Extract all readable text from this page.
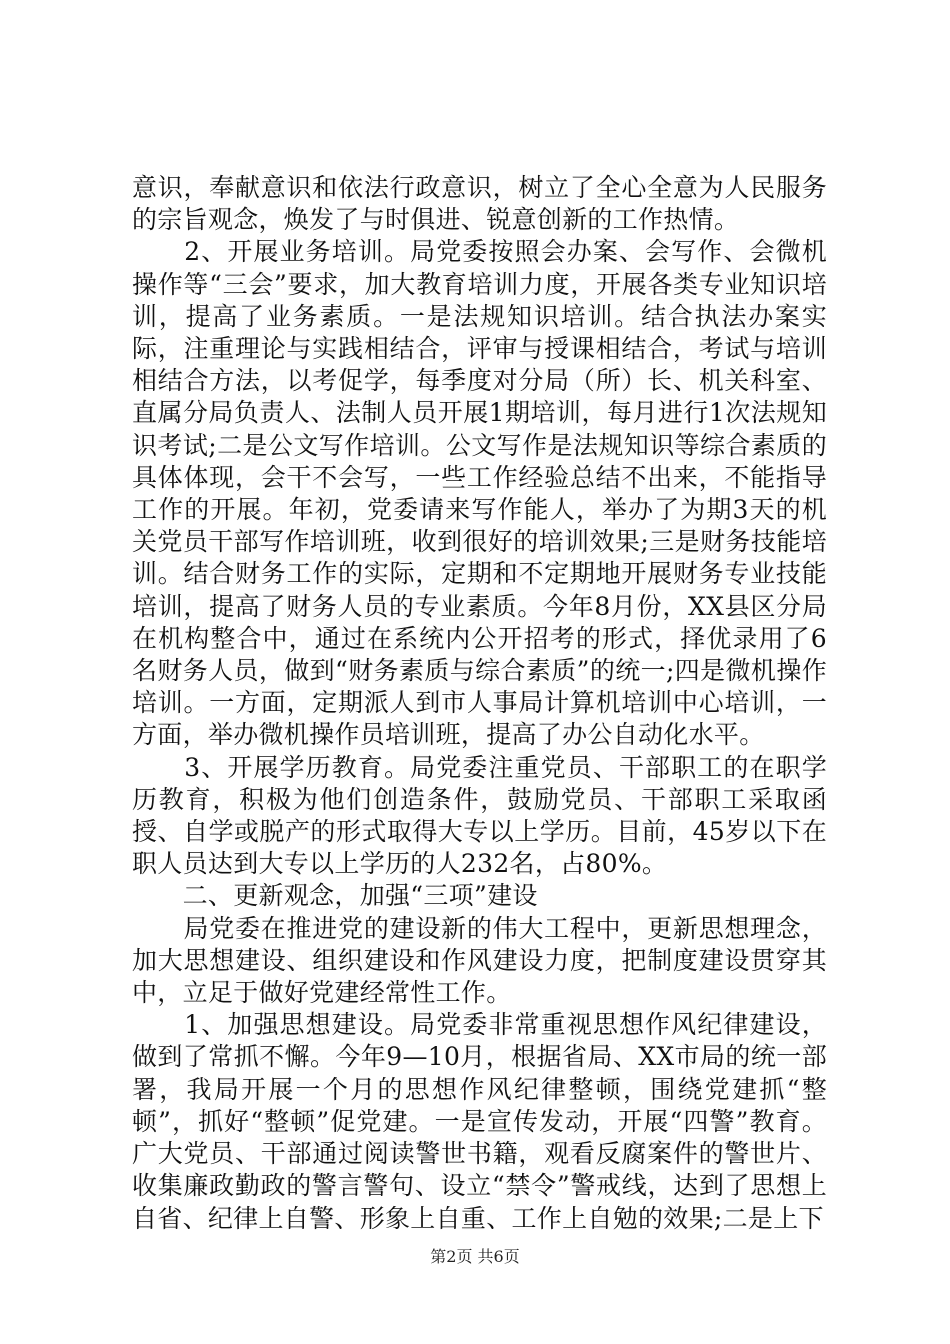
意识，奉献意识和依法行政意识，树立了全心全意为人民服务的宗旨观念，焕发了与时俱进、锐意创新的工作热情。

　　2、开展业务培训。局党委按照会办案、会写作、会微机操作等“三会”要求，加大教育培训力度，开展各类专业知识培训，提高了业务素质。一是法规知识培训。结合执法办案实际，注重理论与实践相结合，评审与授课相结合，考试与培训相结合方法，以考促学，每季度对分局（所）长、机关科室、直属分局负责人、法制人员开展1期培训，每月进行1次法规知识考试;二是公文写作培训。公文写作是法规知识等综合素质的具体体现，会干不会写，一些工作经验总结不出来，不能指导工作的开展。年初，党委请来写作能人，举办了为期3天的机关党员干部写作培训班，收到很好的培训效果;三是财务技能培训。结合财务工作的实际，定期和不定期地开展财务专业技能培训，提高了财务人员的专业素质。今年8月份，XX县区分局在机构整合中，通过在系统内公开招考的形式，择优录用了6名财务人员，做到“财务素质与综合素质”的统一;四是微机操作培训。一方面，定期派人到市人事局计算机培训中心培训，一方面，举办微机操作员培训班，提高了办公自动化水平。

　　3、开展学历教育。局党委注重党员、干部职工的在职学历教育，积极为他们创造条件，鼓励党员、干部职工采取函授、自学或脱产的形式取得大专以上学历。目前，45岁以下在职人员达到大专以上学历的人232名，占80%。

　　二、更新观念，加强“三项”建设

　　局党委在推进党的建设新的伟大工程中，更新思想理念，加大思想建设、组织建设和作风建设力度，把制度建设贯穿其中，立足于做好党建经常性工作。

　　1、加强思想建设。局党委非常重视思想作风纪律建设，做到了常抓不懈。今年9—10月，根据省局、XX市局的统一部署，我局开展一个月的思想作风纪律整顿，围绕党建抓“整顿”，抓好“整顿”促党建。一是宣传发动，开展“四警”教育。广大党员、干部通过阅读警世书籍，观看反腐案件的警世片、收集廉政勤政的警言警句、设立“禁令”警戒线，达到了思想上自省、纪律上自警、形象上自重、工作上自勉的效果;二是上下

第2页 共6页
